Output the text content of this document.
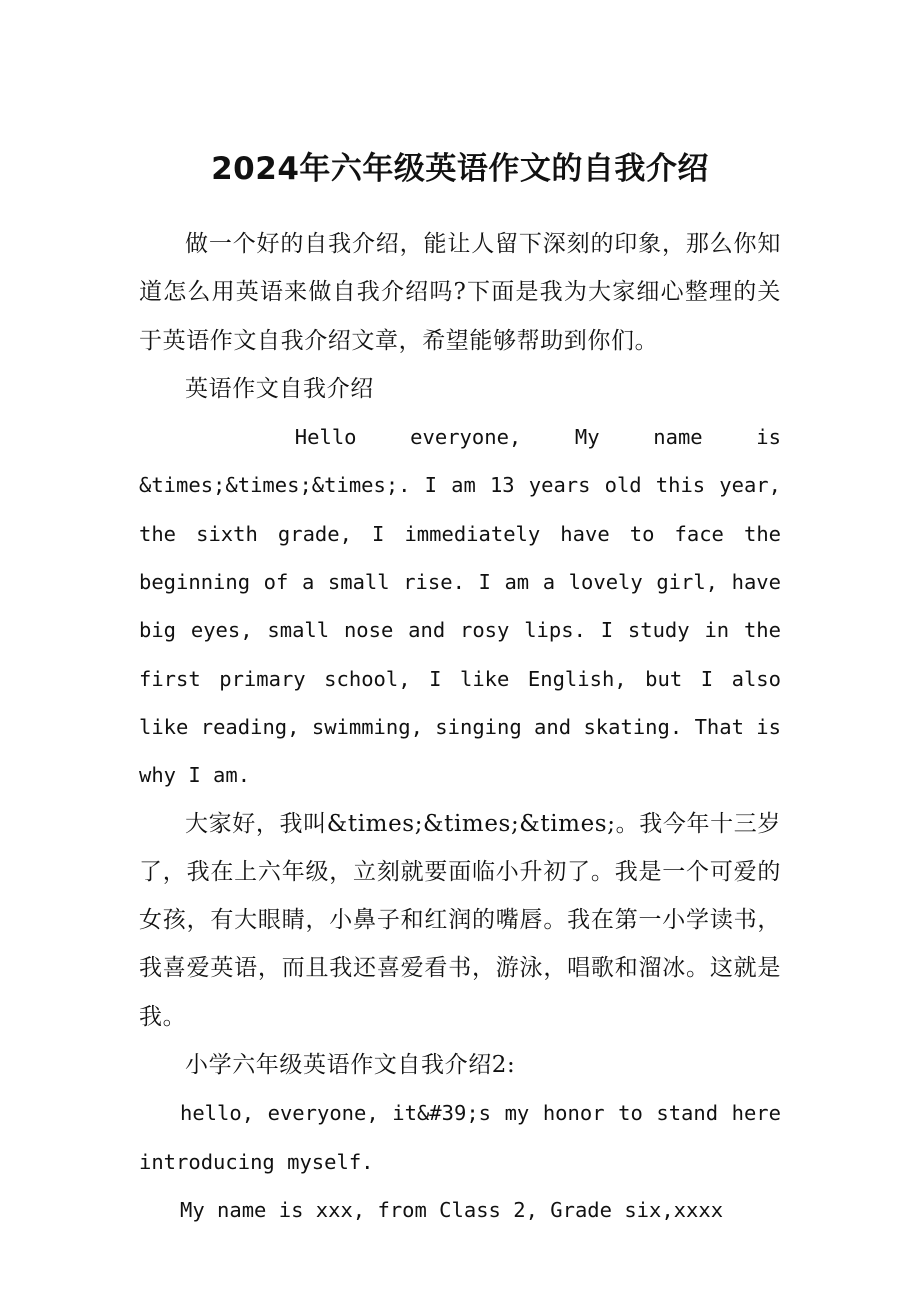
2024年六年级英语作文的自我介绍

做一个好的自我介绍，能让人留下深刻的印象，那么你知道怎么用英语来做自我介绍吗?下面是我为大家细心整理的关于英语作文自我介绍文章，希望能够帮助到你们。

英语作文自我介绍

Hello everyone, My name is &times;&times;&times;. I am 13 years old this year, the sixth grade, I immediately have to face the beginning of a small rise. I am a lovely girl, have big eyes, small nose and rosy lips. I study in the first primary school, I like English, but I also like reading, swimming, singing and skating. That is why I am.

大家好，我叫&times;&times;&times;。我今年十三岁了，我在上六年级，立刻就要面临小升初了。我是一个可爱的女孩，有大眼睛，小鼻子和红润的嘴唇。我在第一小学读书，我喜爱英语，而且我还喜爱看书，游泳，唱歌和溜冰。这就是我。

小学六年级英语作文自我介绍2:

hello, everyone, it&#39;s my honor to stand here introducing myself.

My name is xxx, from Class 2, Grade six,xxxx
